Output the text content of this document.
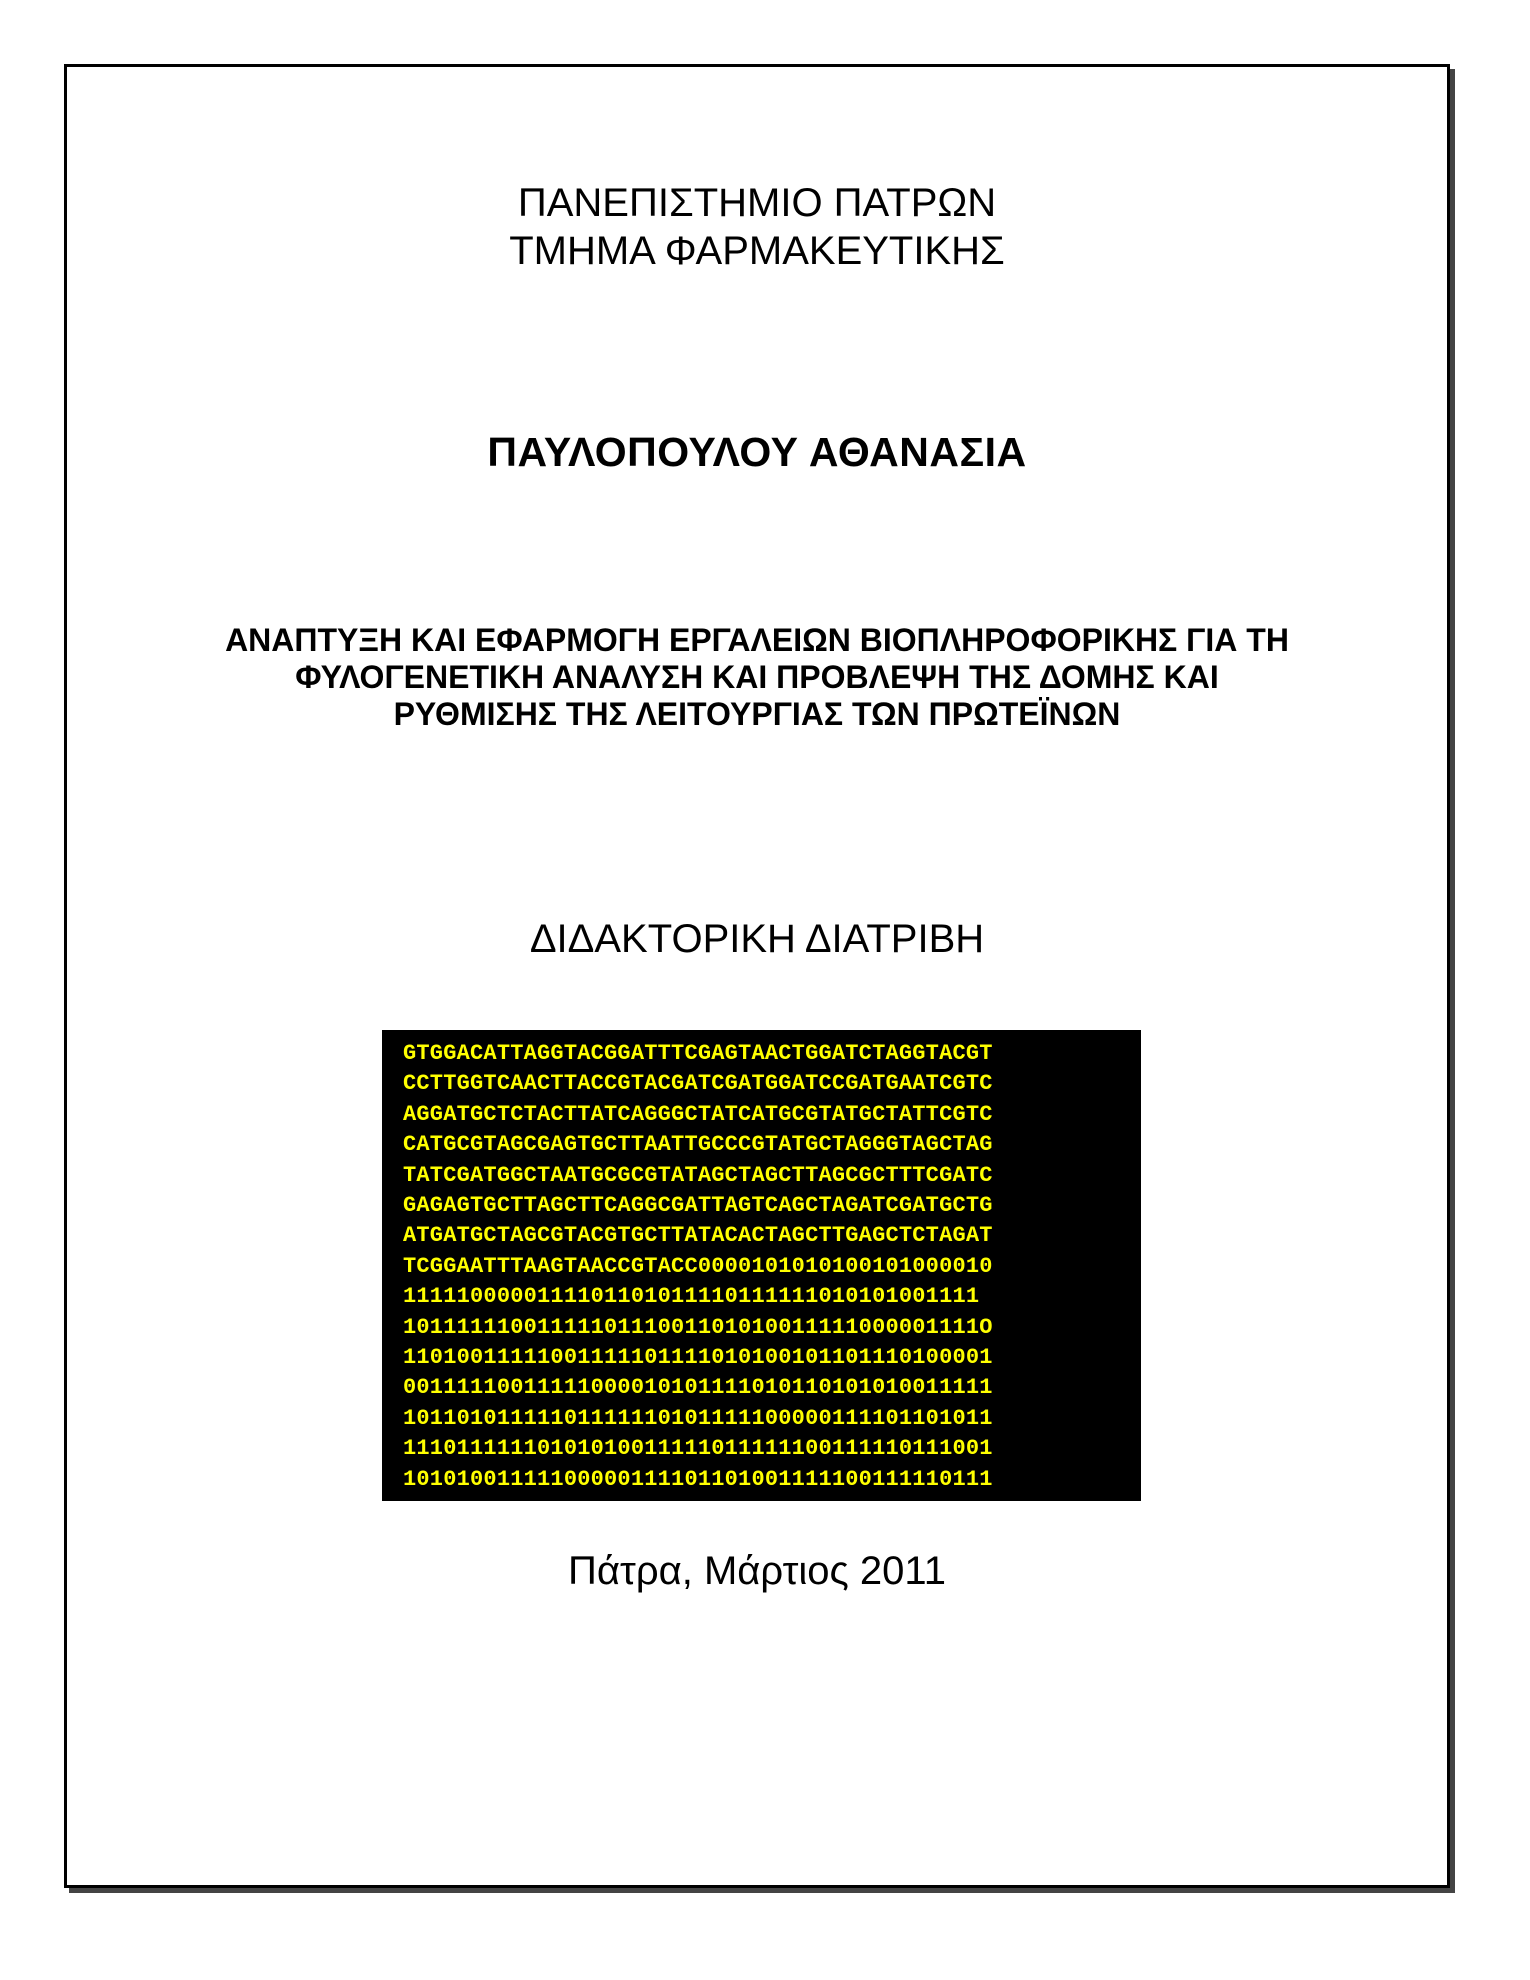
ΠΑΝΕΠΙΣΤΗΜΙΟ ΠΑΤΡΩΝ
ΤΜΗΜΑ ΦΑΡΜΑΚΕΥΤΙΚΗΣ
ΠΑΥΛΟΠΟΥΛΟΥ ΑΘΑΝΑΣΙΑ
ΑΝΑΠΤΥΞΗ ΚΑΙ ΕΦΑΡΜΟΓΗ ΕΡΓΑΛΕΙΩΝ ΒΙΟΠΛΗΡΟΦΟΡΙΚΗΣ ΓΙΑ ΤΗ
ΦΥΛΟΓΕΝΕΤΙΚΗ ΑΝΑΛΥΣΗ ΚΑΙ ΠΡΟΒΛΕΨΗ ΤΗΣ ΔΟΜΗΣ ΚΑΙ
ΡΥΘΜΙΣΗΣ ΤΗΣ ΛΕΙΤΟΥΡΓΙΑΣ ΤΩΝ ΠΡΩΤΕΪΝΩΝ
ΔΙΔΑΚΤΟΡΙΚΗ ΔΙΑΤΡΙΒΗ
GTGGACATTAGGTACGGATTTCGAGTAACTGGATCTAGGTACGT
CCTTGGTCAACTTACCGTACGATCGATGGATCCGATGAATCGTC
AGGATGCTCTACTTATCAGGGCTATCATGCGTATGCTATTCGTC
CATGCGTAGCGAGTGCTTAATTGCCCGTATGCTAGGGTAGCTAG
TATCGATGGCTAATGCGCGTATAGCTAGCTTAGCGCTTTCGATC
GAGAGTGCTTAGCTTCAGGCGATTAGTCAGCTAGATCGATGCTG
ATGATGCTAGCGTACGTGCTTATACACTAGCTTGAGCTCTAGAT
TCGGAATTTAAGTAACCGTACC0000101010100101000010
1111100000111101101011110111111010101001111
1011111100111110111001101010011111000001111O
11010011111001111101111010100101101110100001
00111110011111000010101111010110101010011111
10110101111101111110101111100000111101101011
11101111110101010011111011111100111110111001
10101001111100000111101101001111100111110111
Πάτρα, Μάρτιος 2011
